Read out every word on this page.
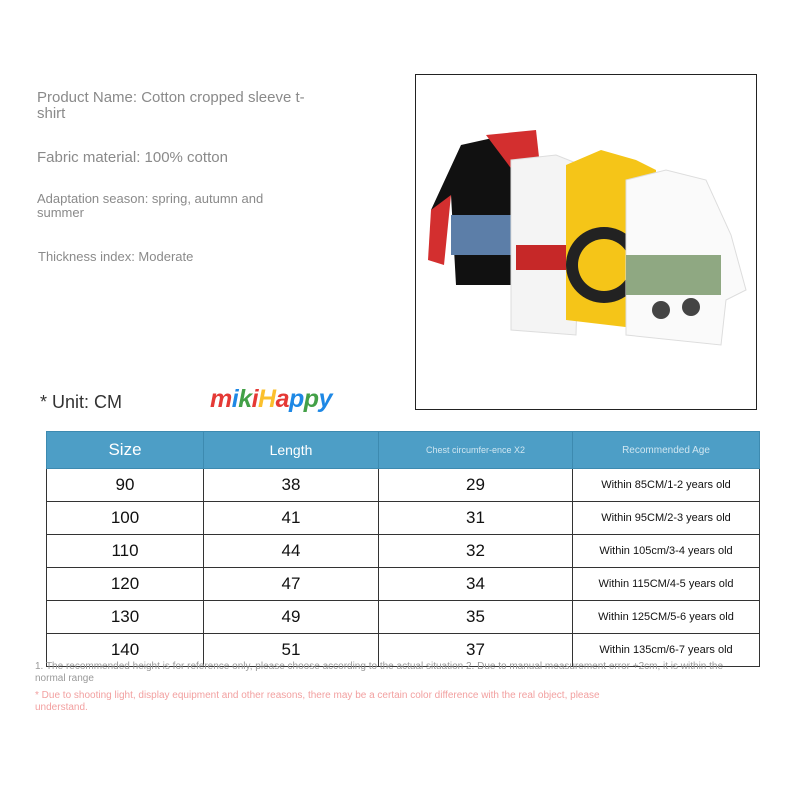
Product Name: Cotton cropped sleeve t-shirt
Fabric material: 100% cotton
Adaptation season: spring, autumn and summer
Thickness index: Moderate
* Unit: CM	mikiHappy
Size	Length	Chest circumfer-ence X2	Recommended Age
90	38	29	Within 85CM/1-2 years old
100	41	31	Within 95CM/2-3 years old
110	44	32	Within 105cm/3-4 years old
120	47	34	Within 115CM/4-5 years old
130	49	35	Within 125CM/5-6 years old
140	51	37	Within 135cm/6-7 years old
1. The recommended height is for reference only, please choose according to the actual situation 2. Due to manual measurement error +2cm, it is within the normal range
* Due to shooting light, display equipment and other reasons, there may be a certain color difference with the real object, please understand.
